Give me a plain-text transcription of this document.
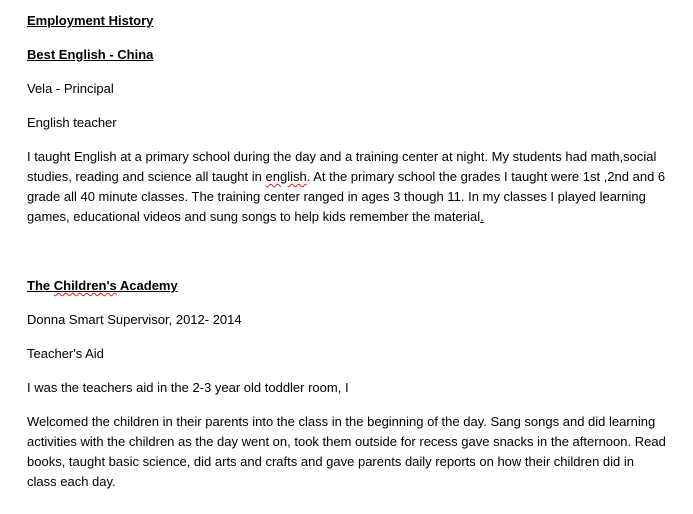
Employment History

Best English - China

Vela - Principal

English teacher

I taught English at a primary school during the day and a training center at night. My students had math,social studies, reading and science all taught in english. At the primary school the grades I taught were 1st ,2nd and 6 grade all 40 minute classes. The training center ranged in ages 3 though 11. In my classes I played learning games, educational videos and sung songs to help kids remember the material.

The Children's Academy

Donna Smart Supervisor, 2012- 2014

Teacher's Aid

I was the teachers aid in the 2-3 year old toddler room, I

Welcomed the children in their parents into the class in the beginning of the day. Sang songs and did learning activities with the children as the day went on, took them outside for recess gave snacks in the afternoon. Read books, taught basic science, did arts and crafts and gave parents daily reports on how their children did in class each day.
